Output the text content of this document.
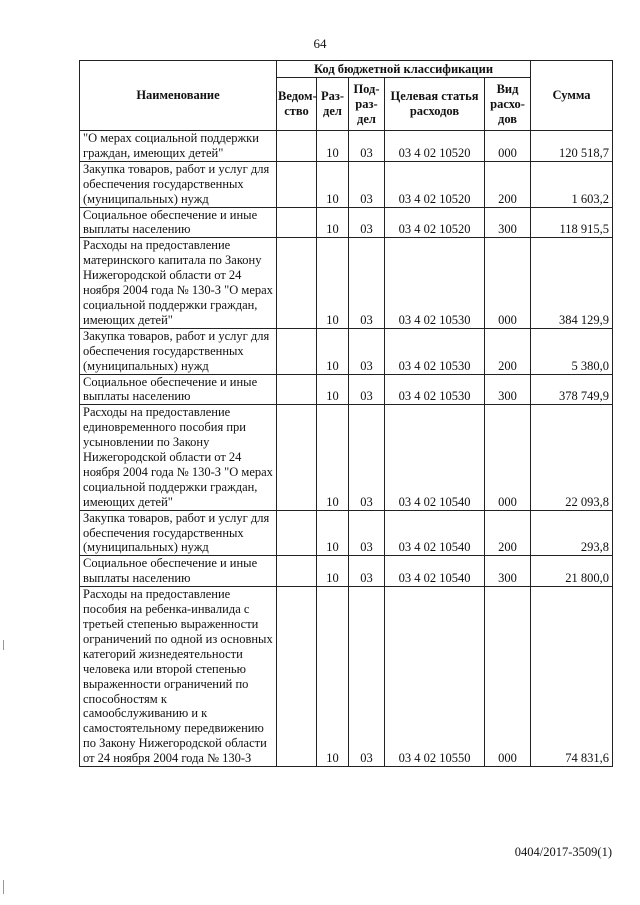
64
Наименование	Код бюджетной классификации					Сумма
	Ведом-ство	Раз-дел	Под-раз-дел	Целевая статья расходов	Вид расхо-дов	
"О мерах социальной поддержки граждан, имеющих детей"		10	03	03 4 02 10520	000	120 518,7
Закупка товаров, работ и услуг для обеспечения государственных (муниципальных) нужд		10	03	03 4 02 10520	200	1 603,2
Социальное обеспечение и иные выплаты населению		10	03	03 4 02 10520	300	118 915,5
Расходы на предоставление материнского капитала по Закону Нижегородской области от 24 ноября 2004 года № 130-З "О мерах социальной поддержки граждан, имеющих детей"		10	03	03 4 02 10530	000	384 129,9
Закупка товаров, работ и услуг для обеспечения государственных (муниципальных) нужд		10	03	03 4 02 10530	200	5 380,0
Социальное обеспечение и иные выплаты населению		10	03	03 4 02 10530	300	378 749,9
Расходы на предоставление единовременного пособия при усыновлении по Закону Нижегородской области от 24 ноября 2004 года № 130-З "О мерах социальной поддержки граждан, имеющих детей"		10	03	03 4 02 10540	000	22 093,8
Закупка товаров, работ и услуг для обеспечения государственных (муниципальных) нужд		10	03	03 4 02 10540	200	293,8
Социальное обеспечение и иные выплаты населению		10	03	03 4 02 10540	300	21 800,0
Расходы на предоставление пособия на ребенка-инвалида с третьей степенью выраженности ограничений по одной из основных категорий жизнедеятельности человека или второй степенью выраженности ограничений по способностям к самообслуживанию и к самостоятельному передвижению по Закону Нижегородской области от 24 ноября 2004 года № 130-З		10	03	03 4 02 10550	000	74 831,6
0404/2017-3509(1)
